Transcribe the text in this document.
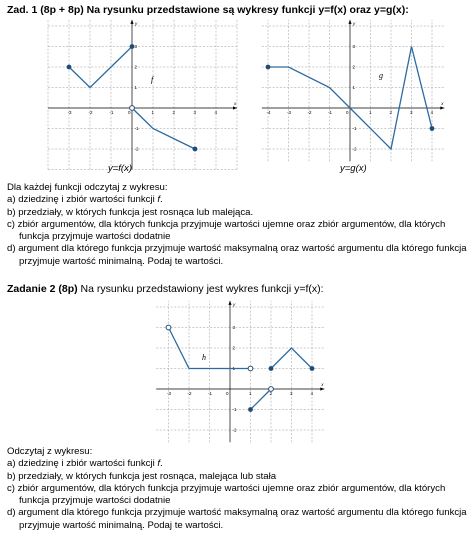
Zad. 1 (8p + 8p) Na rysunku przedstawione są wykresy funkcji y=f(x) oraz y=g(x):
x
y
-3	-2	-1	0	1	2	3	4
-2
-1
1
2
3
f
y=f(x)
x
y
-4	-3	-2	-1	0	1	2	3	4
-2
-1
1
2
3
g
y=g(x)

Dla każdej funkcji odczytaj z wykresu:

a) dziedzinę i zbiór wartości funkcji f.

b) przedziały, w których funkcja jest rosnąca lub malejąca.

c) zbiór argumentów, dla których funkcja przyjmuje wartości ujemne oraz zbiór argumentów, dla których

funkcja przyjmuje wartości dodatnie

d) argument dla którego funkcja przyjmuje wartość maksymalną oraz wartość argumentu dla którego funkcja

przyjmuje wartość minimalną. Podaj te wartości.

Zadanie 2 (8p) Na rysunku przedstawiony jest wykres funkcji y=f(x):
x
y
-3	-2	-1	0	1	2	3	4
-2
-1
1
2
3
h

Odczytaj z wykresu:

a) dziedzinę i zbiór wartości funkcji f.

b) przedziały, w których funkcja jest rosnąca, malejąca lub stała

c) zbiór argumentów, dla których funkcja przyjmuje wartości ujemne oraz zbiór argumentów, dla których

funkcja przyjmuje wartości dodatnie

d) argument dla którego funkcja przyjmuje wartość maksymalną oraz wartość argumentu dla którego funkcja

przyjmuje wartość minimalną. Podaj te wartości.
